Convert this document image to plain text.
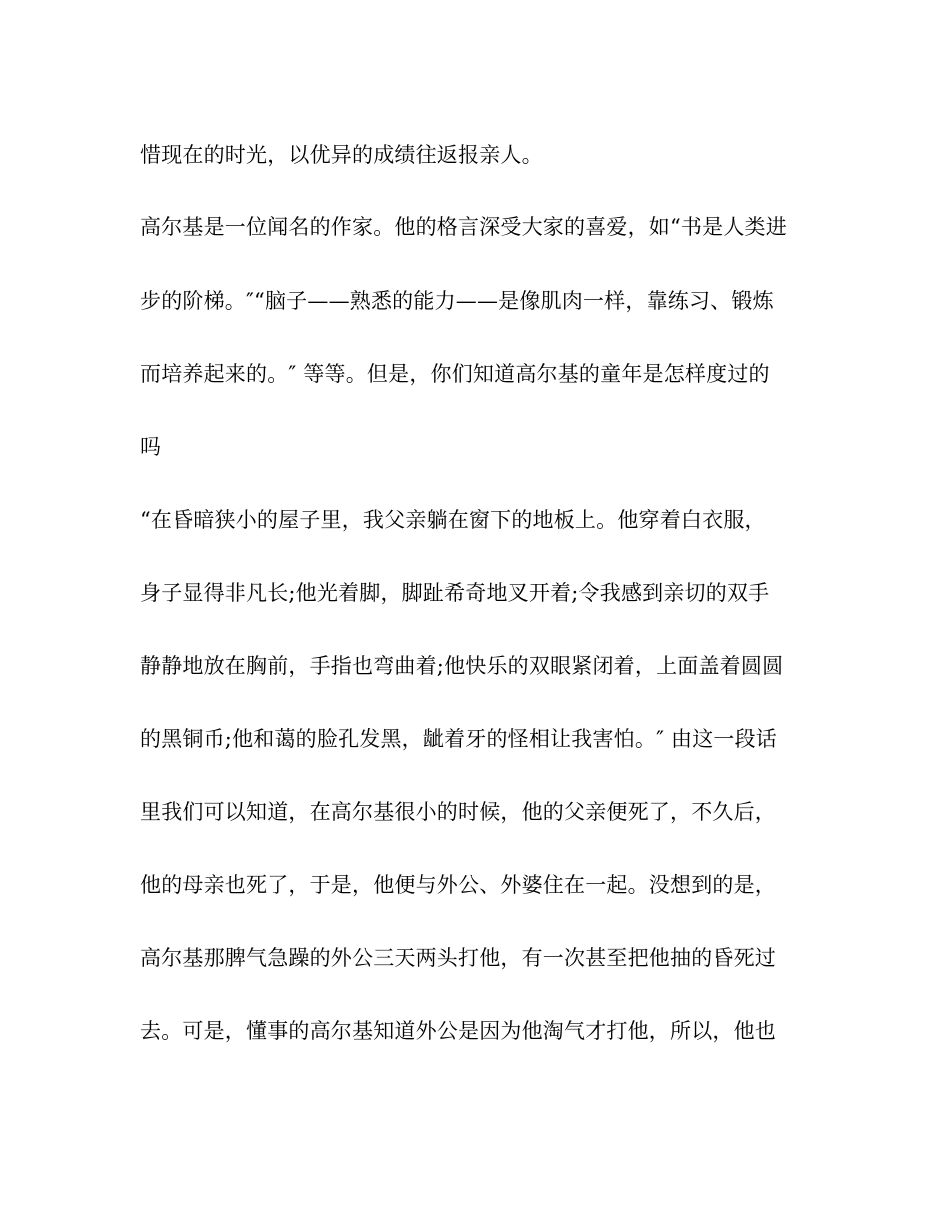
惜现在的时光，以优异的成绩往返报亲人。
高尔基是一位闻名的作家。他的格言深受大家的喜爱，如“书是人类进
步的阶梯。″“脑子——熟悉的能力——是像肌肉一样，靠练习、锻炼
而培养起来的。″ 等等。但是，你们知道高尔基的童年是怎样度过的
吗
“在昏暗狭小的屋子里，我父亲躺在窗下的地板上。他穿着白衣服，
身子显得非凡长;他光着脚，脚趾希奇地叉开着;令我感到亲切的双手
静静地放在胸前，手指也弯曲着;他快乐的双眼紧闭着，上面盖着圆圆
的黑铜币;他和蔼的脸孔发黑，龇着牙的怪相让我害怕。″ 由这一段话
里我们可以知道，在高尔基很小的时候，他的父亲便死了，不久后，
他的母亲也死了，于是，他便与外公、外婆住在一起。没想到的是，
高尔基那脾气急躁的外公三天两头打他，有一次甚至把他抽的昏死过
去。可是，懂事的高尔基知道外公是因为他淘气才打他，所以，他也
